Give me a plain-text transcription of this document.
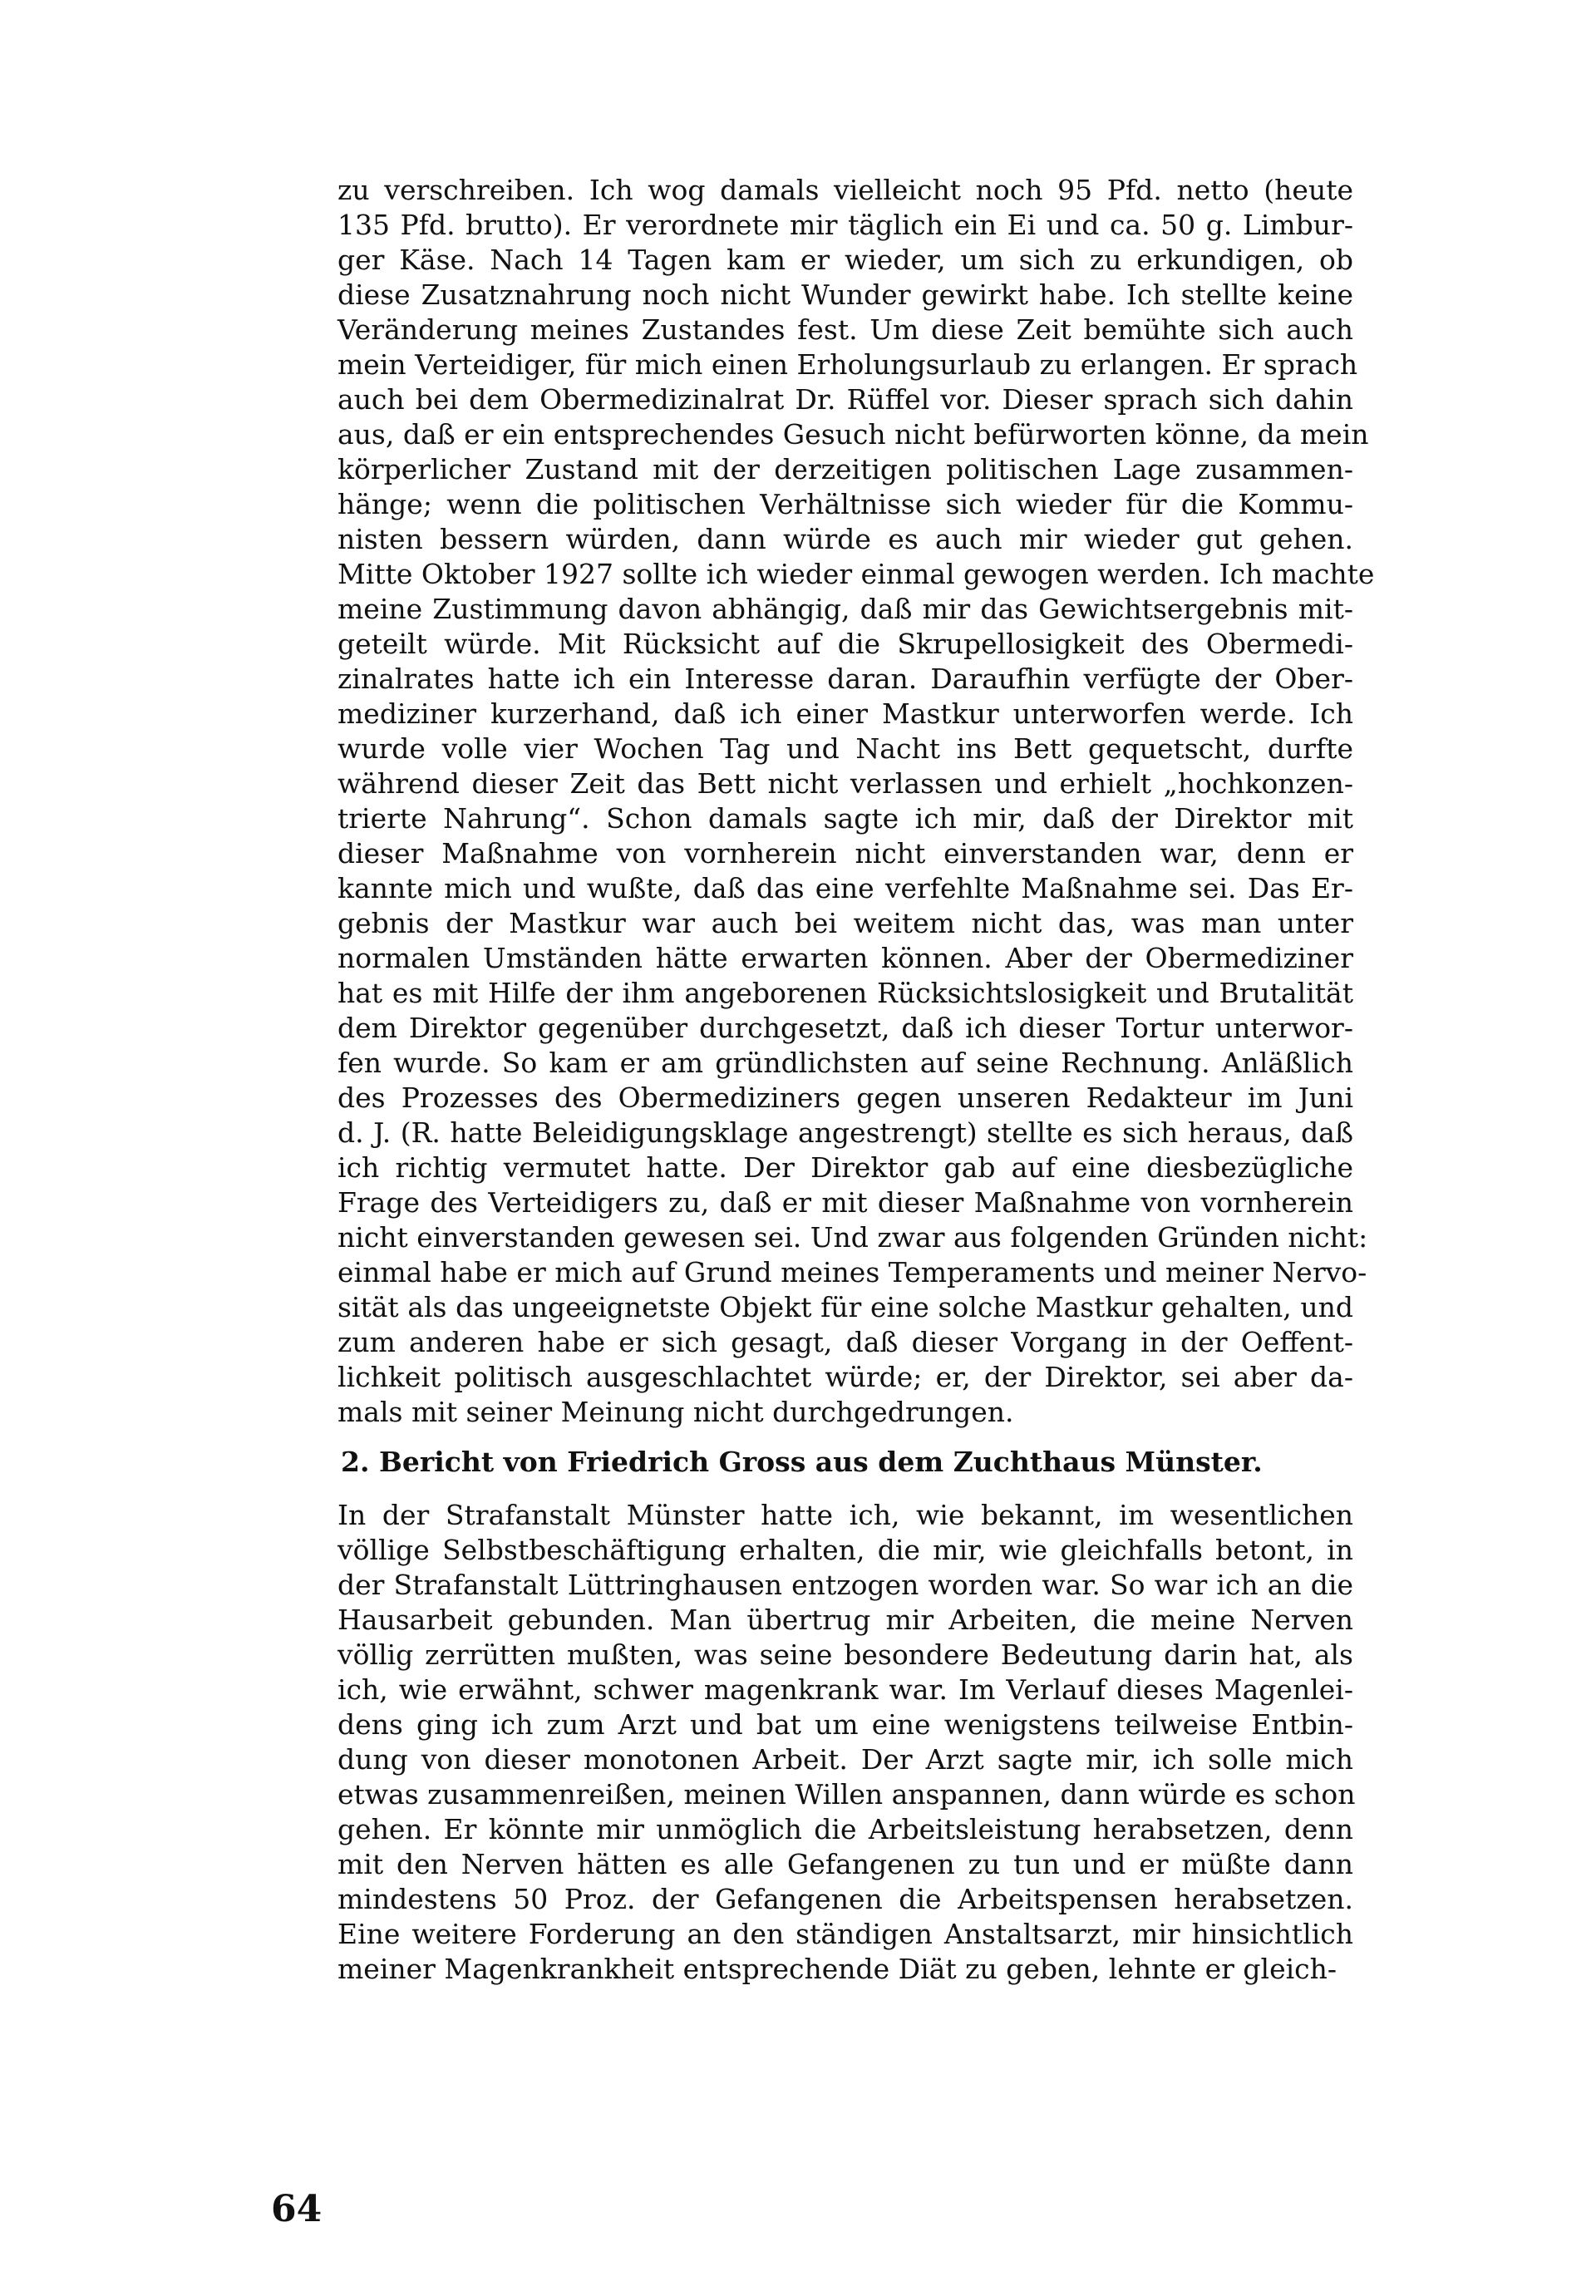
zu verschreiben. Ich wog damals vielleicht noch 95 Pfd. netto (heute
135 Pfd. brutto). Er verordnete mir täglich ein Ei und ca. 50 g. Limbur-
ger Käse. Nach 14 Tagen kam er wieder, um sich zu erkundigen, ob
diese Zusatznahrung noch nicht Wunder gewirkt habe. Ich stellte keine
Veränderung meines Zustandes fest. Um diese Zeit bemühte sich auch
mein Verteidiger, für mich einen Erholungsurlaub zu erlangen. Er sprach
auch bei dem Obermedizinalrat Dr. Rüffel vor. Dieser sprach sich dahin
aus, daß er ein entsprechendes Gesuch nicht befürworten könne, da mein
körperlicher Zustand mit der derzeitigen politischen Lage zusammen-
hänge; wenn die politischen Verhältnisse sich wieder für die Kommu-
nisten bessern würden, dann würde es auch mir wieder gut gehen.
Mitte Oktober 1927 sollte ich wieder einmal gewogen werden. Ich machte
meine Zustimmung davon abhängig, daß mir das Gewichtsergebnis mit-
geteilt würde. Mit Rücksicht auf die Skrupellosigkeit des Obermedi-
zinalrates hatte ich ein Interesse daran. Daraufhin verfügte der Ober-
mediziner kurzerhand, daß ich einer Mastkur unterworfen werde. Ich
wurde volle vier Wochen Tag und Nacht ins Bett gequetscht, durfte
während dieser Zeit das Bett nicht verlassen und erhielt „hochkonzen-
trierte Nahrung“. Schon damals sagte ich mir, daß der Direktor mit
dieser Maßnahme von vornherein nicht einverstanden war, denn er
kannte mich und wußte, daß das eine verfehlte Maßnahme sei. Das Er-
gebnis der Mastkur war auch bei weitem nicht das, was man unter
normalen Umständen hätte erwarten können. Aber der Obermediziner
hat es mit Hilfe der ihm angeborenen Rücksichtslosigkeit und Brutalität
dem Direktor gegenüber durchgesetzt, daß ich dieser Tortur unterwor-
fen wurde. So kam er am gründlichsten auf seine Rechnung. Anläßlich
des Prozesses des Obermediziners gegen unseren Redakteur im Juni
d. J. (R. hatte Beleidigungsklage angestrengt) stellte es sich heraus, daß
ich richtig vermutet hatte. Der Direktor gab auf eine diesbezügliche
Frage des Verteidigers zu, daß er mit dieser Maßnahme von vornherein
nicht einverstanden gewesen sei. Und zwar aus folgenden Gründen nicht:
einmal habe er mich auf Grund meines Temperaments und meiner Nervo-
sität als das ungeeignetste Objekt für eine solche Mastkur gehalten, und
zum anderen habe er sich gesagt, daß dieser Vorgang in der Oeffent-
lichkeit politisch ausgeschlachtet würde; er, der Direktor, sei aber da-
mals mit seiner Meinung nicht durchgedrungen.
2. Bericht von Friedrich Gross aus dem Zuchthaus Münster.
In der Strafanstalt Münster hatte ich, wie bekannt, im wesentlichen
völlige Selbstbeschäftigung erhalten, die mir, wie gleichfalls betont, in
der Strafanstalt Lüttringhausen entzogen worden war. So war ich an die
Hausarbeit gebunden. Man übertrug mir Arbeiten, die meine Nerven
völlig zerrütten mußten, was seine besondere Bedeutung darin hat, als
ich, wie erwähnt, schwer magenkrank war. Im Verlauf dieses Magenlei-
dens ging ich zum Arzt und bat um eine wenigstens teilweise Entbin-
dung von dieser monotonen Arbeit. Der Arzt sagte mir, ich solle mich
etwas zusammenreißen, meinen Willen anspannen, dann würde es schon
gehen. Er könnte mir unmöglich die Arbeitsleistung herabsetzen, denn
mit den Nerven hätten es alle Gefangenen zu tun und er müßte dann
mindestens 50 Proz. der Gefangenen die Arbeitspensen herabsetzen.
Eine weitere Forderung an den ständigen Anstaltsarzt, mir hinsichtlich
meiner Magenkrankheit entsprechende Diät zu geben, lehnte er gleich-
64
